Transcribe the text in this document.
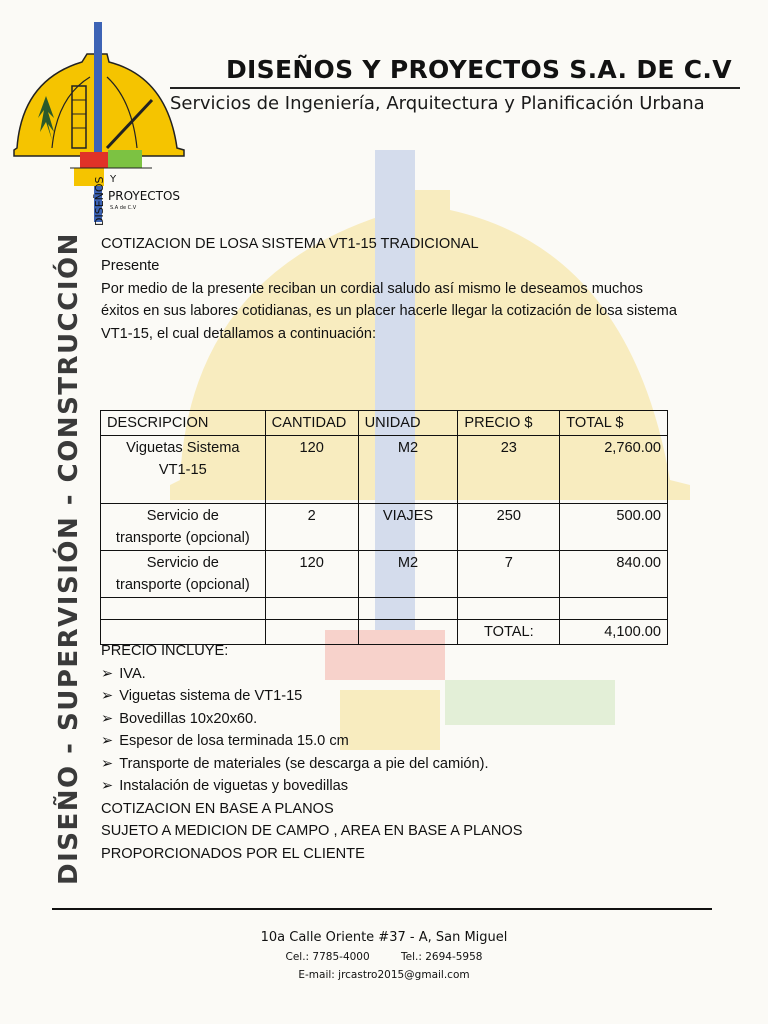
Y
PROYECTOS
S.A de C.V
DISEÑOS
DISEÑOS Y PROYECTOS S.A. DE C.V
Servicios de Ingeniería, Arquitectura y Planificación Urbana
DISEÑO - SUPERVISIÓN - CONSTRUCCIÓN COTIZACION DE LOSA SISTEMA VT1-15 TRADICIONAL

Presente

Por medio de la presente reciban un cordial saludo así mismo le deseamos muchos éxitos en sus labores cotidianas, es un placer hacerle llegar la cotización de losa sistema VT1-15, el cual detallamos a continuación:

DESCRIPCION	CANTIDAD	UNIDAD	PRECIO $	TOTAL $
Viguetas Sistema
VT1-15	120	M2	23	2,760.00
Servicio de
transporte (opcional)	2	VIAJES	250	500.00
Servicio de
transporte (opcional)	120	M2	7	840.00

			TOTAL:	4,100.00

PRECIO INCLUYE:

➢ IVA.
➢ Viguetas sistema de VT1-15
➢ Bovedillas 10x20x60.
➢ Espesor de losa terminada 15.0 cm
➢ Transporte de materiales (se descarga a pie del camión).
➢ Instalación de viguetas y bovedillas

COTIZACION EN BASE A PLANOS

SUJETO A MEDICION DE CAMPO , AREA EN BASE A PLANOS

PROPORCIONADOS POR EL CLIENTE

10a Calle Oriente #37 - A, San Miguel
Cel.: 7785-4000	Tel.: 2694-5958
E-mail: jrcastro2015@gmail.com
